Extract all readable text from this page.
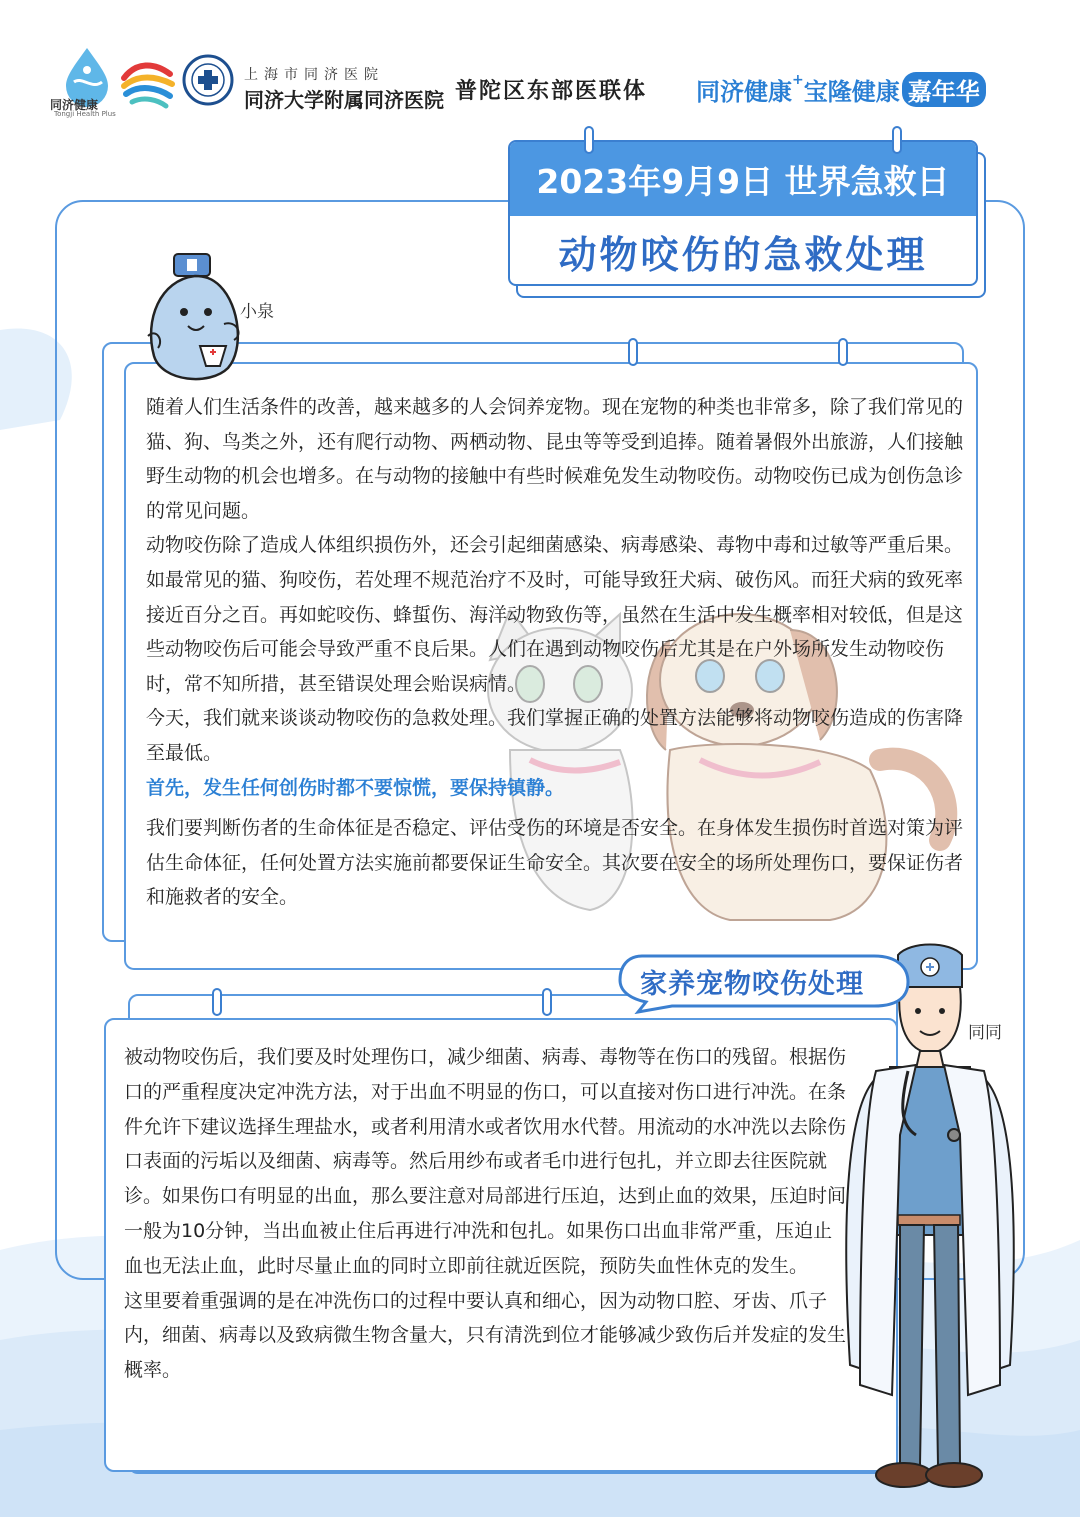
同济健康
Tongji Health Plus
上海市同济医院
同济大学附属同济医院 普陀区东部医联体 同济健康+宝隆健康 嘉年华
2023年9月9日 世界急救日
动物咬伤的急救处理
小泉

随着人们生活条件的改善，越来越多的人会饲养宠物。现在宠物的种类也非常多，除了我们常见的猫、狗、鸟类之外，还有爬行动物、两栖动物、昆虫等等受到追捧。随着暑假外出旅游，人们接触野生动物的机会也增多。在与动物的接触中有些时候难免发生动物咬伤。动物咬伤已成为创伤急诊的常见问题。

动物咬伤除了造成人体组织损伤外，还会引起细菌感染、病毒感染、毒物中毒和过敏等严重后果。如最常见的猫、狗咬伤，若处理不规范治疗不及时，可能导致狂犬病、破伤风。而狂犬病的致死率接近百分之百。再如蛇咬伤、蜂蜇伤、海洋动物致伤等，虽然在生活中发生概率相对较低，但是这些动物咬伤后可能会导致严重不良后果。人们在遇到动物咬伤后尤其是在户外场所发生动物咬伤时，常不知所措，甚至错误处理会贻误病情。

今天，我们就来谈谈动物咬伤的急救处理。我们掌握正确的处置方法能够将动物咬伤造成的伤害降至最低。

首先，发生任何创伤时都不要惊慌，要保持镇静。

我们要判断伤者的生命体征是否稳定、评估受伤的环境是否安全。在身体发生损伤时首选对策为评估生命体征，任何处置方法实施前都要保证生命安全。其次要在安全的场所处理伤口，要保证伤者和施救者的安全。

家养宠物咬伤处理

被动物咬伤后，我们要及时处理伤口，减少细菌、病毒、毒物等在伤口的残留。根据伤口的严重程度决定冲洗方法，对于出血不明显的伤口，可以直接对伤口进行冲洗。在条件允许下建议选择生理盐水，或者利用清水或者饮用水代替。用流动的水冲洗以去除伤口表面的污垢以及细菌、病毒等。然后用纱布或者毛巾进行包扎，并立即去往医院就诊。如果伤口有明显的出血，那么要注意对局部进行压迫，达到止血的效果，压迫时间一般为10分钟，当出血被止住后再进行冲洗和包扎。如果伤口出血非常严重，压迫止血也无法止血，此时尽量止血的同时立即前往就近医院，预防失血性休克的发生。

这里要着重强调的是在冲洗伤口的过程中要认真和细心，因为动物口腔、牙齿、爪子内，细菌、病毒以及致病微生物含量大，只有清洗到位才能够减少致伤后并发症的发生概率。

同同
